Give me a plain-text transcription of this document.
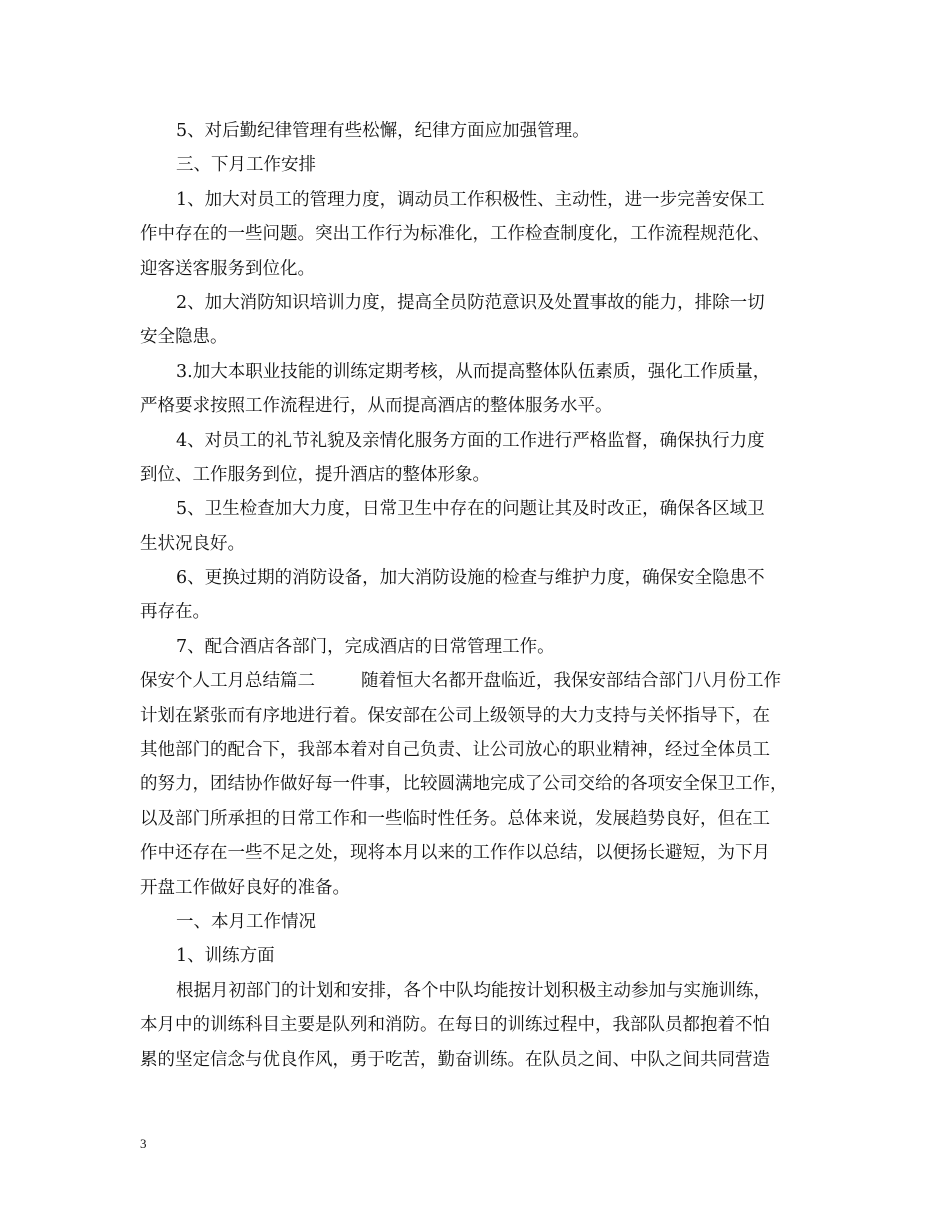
5、对后勤纪律管理有些松懈，纪律方面应加强管理。
三、下月工作安排
1、加大对员工的管理力度，调动员工作积极性、主动性，进一步完善安保工
作中存在的一些问题。突出工作行为标准化，工作检查制度化，工作流程规范化、
迎客送客服务到位化。
2、加大消防知识培训力度，提高全员防范意识及处置事故的能力，排除一切
安全隐患。
3.加大本职业技能的训练定期考核，从而提高整体队伍素质，强化工作质量，
严格要求按照工作流程进行，从而提高酒店的整体服务水平。
4、对员工的礼节礼貌及亲情化服务方面的工作进行严格监督，确保执行力度
到位、工作服务到位，提升酒店的整体形象。
5、卫生检查加大力度，日常卫生中存在的问题让其及时改正，确保各区域卫
生状况良好。
6、更换过期的消防设备，加大消防设施的检查与维护力度，确保安全隐患不
再存在。
7、配合酒店各部门，完成酒店的日常管理工作。
保安个人工月总结篇二	随着恒大名都开盘临近，我保安部结合部门八月份工作
计划在紧张而有序地进行着。保安部在公司上级领导的大力支持与关怀指导下，在
其他部门的配合下，我部本着对自己负责、让公司放心的职业精神，经过全体员工
的努力，团结协作做好每一件事，比较圆满地完成了公司交给的各项安全保卫工作，
以及部门所承担的日常工作和一些临时性任务。总体来说，发展趋势良好，但在工
作中还存在一些不足之处，现将本月以来的工作作以总结，以便扬长避短，为下月
开盘工作做好良好的准备。
一、本月工作情况
1、训练方面
根据月初部门的计划和安排，各个中队均能按计划积极主动参加与实施训练，
本月中的训练科目主要是队列和消防。在每日的训练过程中，我部队员都抱着不怕
累的坚定信念与优良作风，勇于吃苦，勤奋训练。在队员之间、中队之间共同营造
3
